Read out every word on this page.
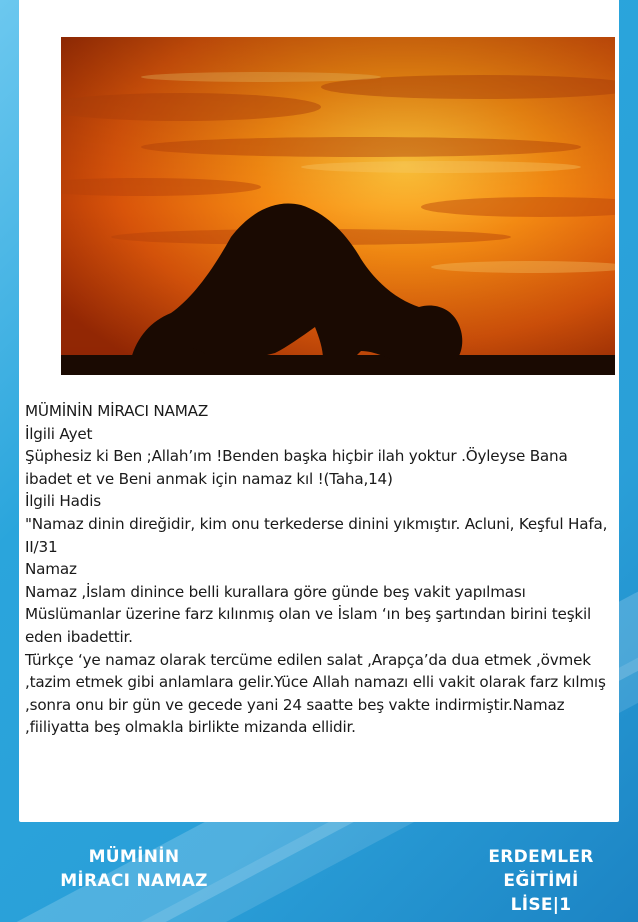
MÜMİNİN MİRACI NAMAZ

İlgili Ayet

Şüphesiz ki Ben ;Allah’ım !Benden başka hiçbir ilah yoktur .Öyleyse Bana ibadet et ve Beni anmak için namaz kıl !(Taha,14)

İlgili Hadis

"Namaz dinin direğidir, kim onu terkederse dinini yıkmıştır. Acluni, Keşful Hafa, II/31

Namaz

Namaz ,İslam dinince belli kurallara göre günde beş vakit yapılması Müslümanlar üzerine farz kılınmış olan ve İslam ‘ın beş şartından birini teşkil eden ibadettir.

Türkçe ‘ye namaz olarak tercüme edilen salat ,Arapça’da dua etmek ,övmek ,tazim etmek gibi anlamlara gelir.Yüce Allah namazı elli vakit olarak farz kılmış ,sonra onu bir gün ve gecede yani 24 saatte beş vakte indirmiştir.Namaz ,fiiliyatta beş olmakla birlikte mizanda ellidir.

MÜMİNİN
MİRACI NAMAZ
ERDEMLER
EĞİTİMİ LİSE|1
